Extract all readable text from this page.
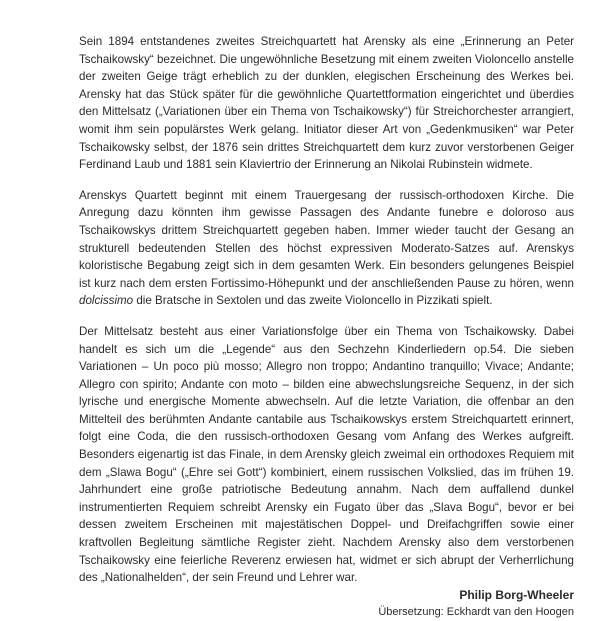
Sein 1894 entstandenes zweites Streichquartett hat Arensky als eine „Erinnerung an Peter Tschaikowsky“ bezeichnet. Die ungewöhnliche Besetzung mit einem zweiten Violoncello anstelle der zweiten Geige trägt erheblich zu der dunklen, elegischen Erscheinung des Werkes bei. Arensky hat das Stück später für die gewöhnliche Quartettformation eingerichtet und überdies den Mittelsatz („Variationen über ein Thema von Tschaikowsky“) für Streichorchester arrangiert, womit ihm sein populärstes Werk gelang. Initiator dieser Art von „Gedenkmusiken“ war Peter Tschaikowsky selbst, der 1876 sein drittes Streichquartett dem kurz zuvor verstorbenen Geiger Ferdinand Laub und 1881 sein Klaviertrio der Erinnerung an Nikolai Rubinstein widmete.

Arenskys Quartett beginnt mit einem Trauergesang der russisch-orthodoxen Kirche. Die Anregung dazu könnten ihm gewisse Passagen des Andante funebre e doloroso aus Tschaikowskys drittem Streichquartett gegeben haben. Immer wieder taucht der Gesang an strukturell bedeutenden Stellen des höchst expressiven Moderato-Satzes auf. Arenskys koloristische Begabung zeigt sich in dem gesamten Werk. Ein besonders gelungenes Beispiel ist kurz nach dem ersten Fortissimo-Höhepunkt und der anschließenden Pause zu hören, wenn dolcissimo die Bratsche in Sextolen und das zweite Violoncello in Pizzikati spielt.

Der Mittelsatz besteht aus einer Variationsfolge über ein Thema von Tschaikowsky. Dabei handelt es sich um die „Legende“ aus den Sechzehn Kinderliedern op.54. Die sieben Variationen – Un poco più mosso; Allegro non troppo; Andantino tranquillo; Vivace; Andante; Allegro con spirito; Andante con moto – bilden eine abwechslungsreiche Sequenz, in der sich lyrische und energische Momente abwechseln. Auf die letzte Variation, die offenbar an den Mittelteil des berühmten Andante cantabile aus Tschaikowskys erstem Streichquartett erinnert, folgt eine Coda, die den russisch-orthodoxen Gesang vom Anfang des Werkes aufgreift. Besonders eigenartig ist das Finale, in dem Arensky gleich zweimal ein orthodoxes Requiem mit dem „Slawa Bogu“ („Ehre sei Gott“) kombiniert, einem russischen Volkslied, das im frühen 19. Jahrhundert eine große patriotische Bedeutung annahm. Nach dem auffallend dunkel instrumentierten Requiem schreibt Arensky ein Fugato über das „Slava Bogu“, bevor er bei dessen zweitem Erscheinen mit majestätischen Doppel- und Dreifachgriffen sowie einer kraftvollen Begleitung sämtliche Register zieht. Nachdem Arensky also dem verstorbenen Tschaikowsky eine feierliche Reverenz erwiesen hat, widmet er sich abrupt der Verherrlichung des „Nationalhelden“, der sein Freund und Lehrer war.

Philip Borg-Wheeler
Übersetzung: Eckhardt van den Hoogen
